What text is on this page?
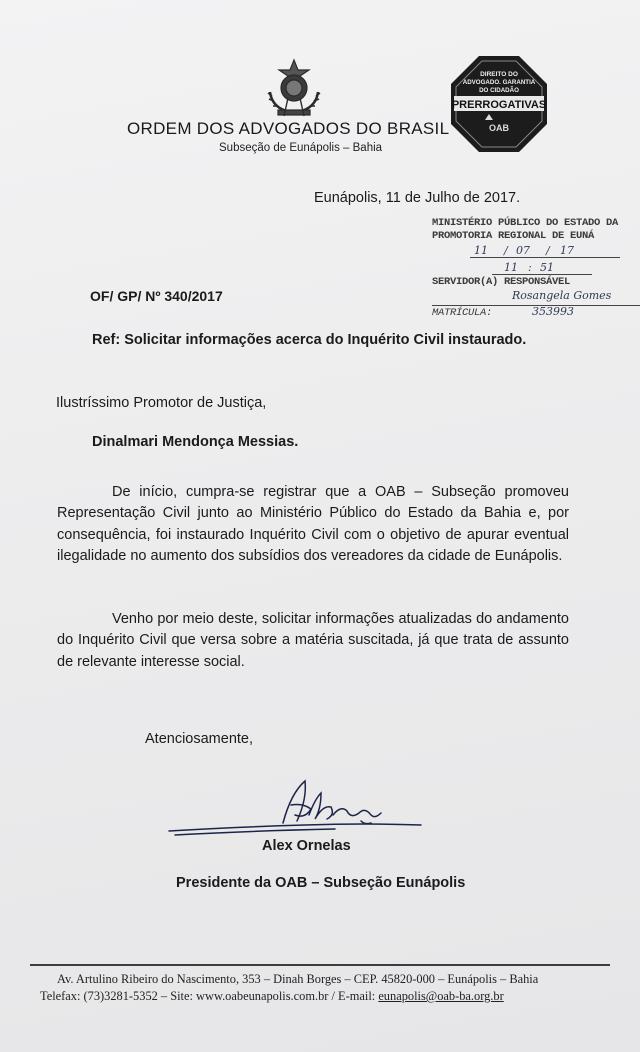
ORDEM DOS ADVOGADOS DO BRASIL
Subseção de Eunápolis – Bahia
DIREITO DO
ADVOGADO. GARANTIA
DO CIDADÃO
PRERROGATIVAS
OAB
Eunápolis, 11 de Julho de 2017.
MINISTÉRIO PÚBLICO DO ESTADO DA
PROMOTORIA REGIONAL DE EUNÁ
11 / 07 / 17
11 : 51
SERVIDOR(A) RESPONSÁVEL
Rosangela Gomes
MATRÍCULA:	353993
OF/ GP/ Nº 340/2017
Ref: Solicitar informações acerca do Inquérito Civil instaurado.
Ilustríssimo Promotor de Justiça,
Dinalmari Mendonça Messias.
De início, cumpra-se registrar que a OAB – Subseção promoveu Representação Civil junto ao Ministério Público do Estado da Bahia e, por consequência, foi instaurado Inquérito Civil com o objetivo de apurar eventual ilegalidade no aumento dos subsídios dos vereadores da cidade de Eunápolis.
Venho por meio deste, solicitar informações atualizadas do andamento do Inquérito Civil que versa sobre a matéria suscitada, já que trata de assunto de relevante interesse social.
Atenciosamente,
Alex Ornelas
Presidente da OAB – Subseção Eunápolis
Av. Artulino Ribeiro do Nascimento, 353 – Dinah Borges – CEP. 45820-000 – Eunápolis – Bahia
Telefax: (73)3281-5352 – Site: www.oabeunapolis.com.br / E-mail: eunapolis@oab-ba.org.br
